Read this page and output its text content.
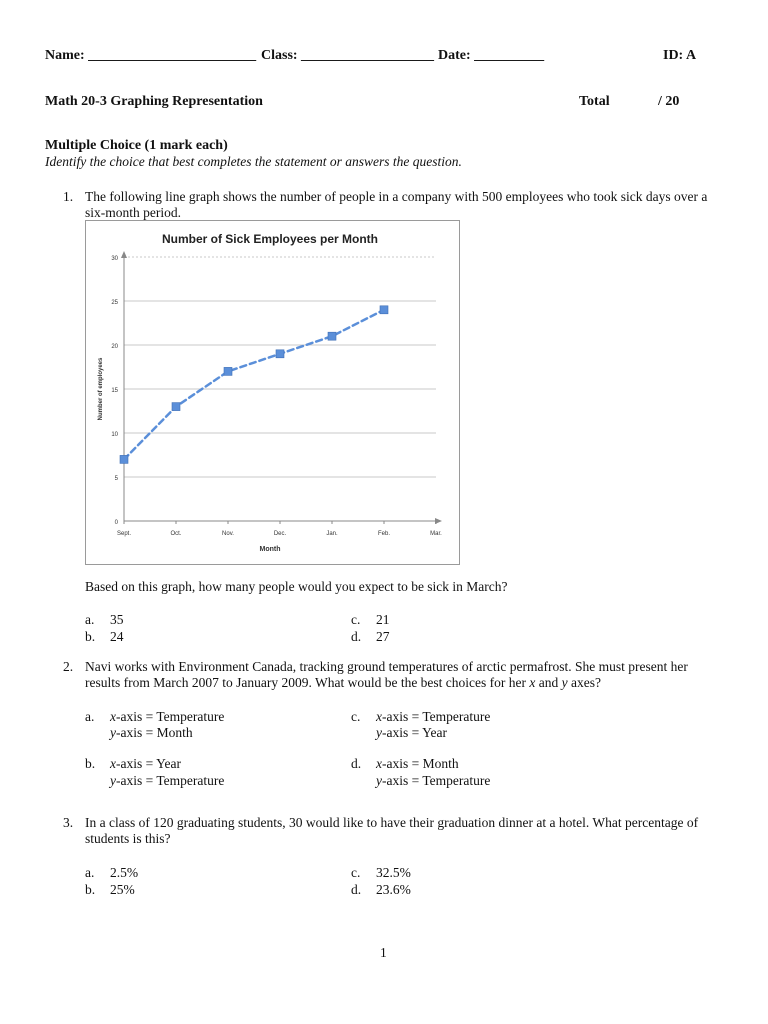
Name: ________________________ Class: ___________________ Date: __________	ID: A
Math 20-3 Graphing Representation	Total	/ 20
Multiple Choice (1 mark each)
Identify the choice that best completes the statement or answers the question.
1. The following line graph shows the number of people in a company with 500 employees who took sick days over a six-month period.
Number of Sick Employees per Month
0
5
10
15
20
25
30
Sept.	Oct.	Nov.	Dec.	Jan.	Feb.	Mar.
Month
Number of employees
Based on this graph, how many people would you expect to be sick in March?
a. 35
b. 24
c. 21
d. 27
2. Navi works with Environment Canada, tracking ground temperatures of arctic permafrost. She must present her results from March 2007 to January 2009. What would be the best choices for her x and y axes?
a. x-axis = Temperature
y-axis = Month
b. x-axis = Year
y-axis = Temperature
c. x-axis = Temperature
y-axis = Year
d. x-axis = Month
y-axis = Temperature
3. In a class of 120 graduating students, 30 would like to have their graduation dinner at a hotel. What percentage of students is this?
a. 2.5%
b. 25%
c. 32.5%
d. 23.6%
1
